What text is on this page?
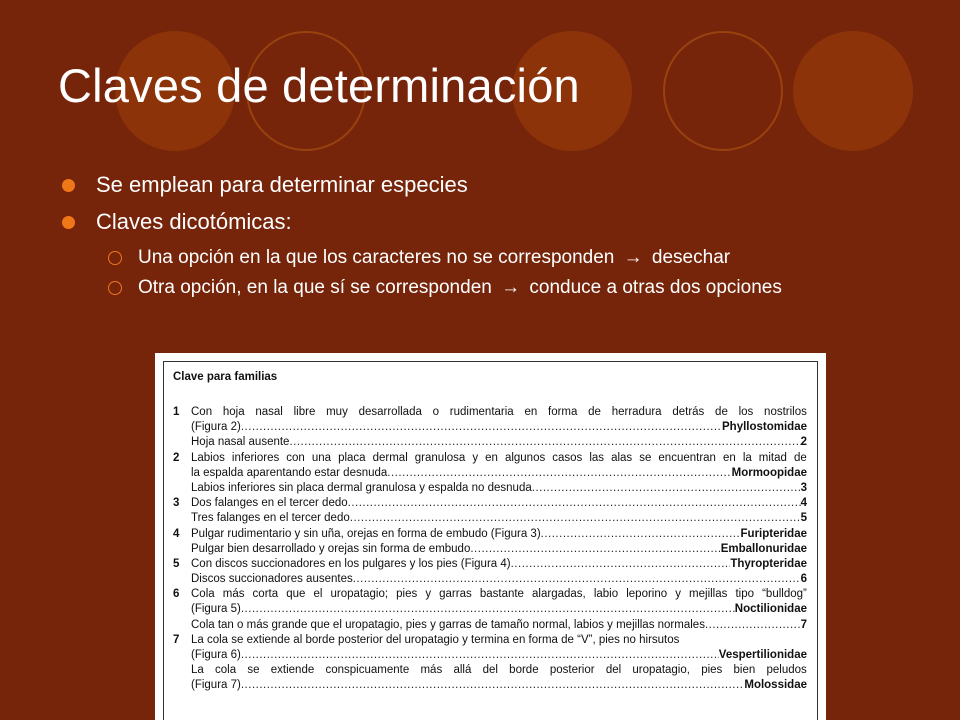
Claves de determinación
Se emplean para determinar especies
Claves dicotómicas:
Una opción en la que los caracteres no se corresponden → desechar
Otra opción, en la que sí se corresponden → conduce a otras dos opciones
Clave para familias
1	Con hoja nasal libre muy desarrollada o rudimentaria en forma de herradura detrás de los nostrilos
(Figura 2) .....	Phyllostomidae
Hoja nasal ausente .....	2
2	Labios inferiores con una placa dermal granulosa y en algunos casos las alas se encuentran en la mitad de
la espalda aparentando estar desnuda .....	Mormoopidae
Labios inferiores sin placa dermal granulosa y espalda no desnuda .....	3
3	Dos falanges en el tercer dedo .....	4
Tres falanges en el tercer dedo .....	5
4	Pulgar rudimentario y sin uña, orejas en forma de embudo (Figura 3) .....	Furipteridae
Pulgar bien desarrollado y orejas sin forma de embudo .....	Emballonuridae
5	Con discos succionadores en los pulgares y los pies (Figura 4) .....	Thyropteridae
Discos succionadores ausentes .....	6
6	Cola más corta que el uropatagio; pies y garras bastante alargadas, labio leporino y mejillas tipo “bulldog”
(Figura 5) .....	Noctilionidae
Cola tan o más grande que el uropatagio, pies y garras de tamaño normal, labios y mejillas normales .....	7
7	La cola se extiende al borde posterior del uropatagio y termina en forma de “V”, pies no hirsutos
(Figura 6) .....	Vespertilionidae
La cola se extiende conspicuamente más allá del borde posterior del uropatagio, pies bien peludos
(Figura 7) .....	Molossidae
